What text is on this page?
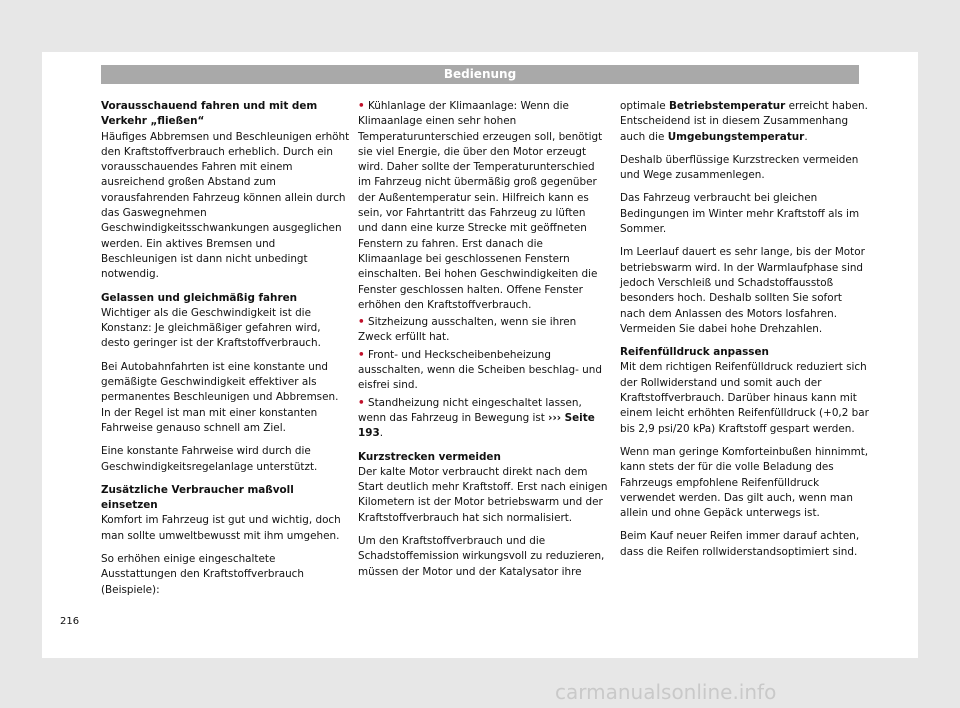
Bedienung

Vorausschauend fahren und mit dem Verkehr „fließen“

Häufiges Abbremsen und Beschleunigen erhöht den Kraftstoffverbrauch erheblich. Durch ein vorausschauendes Fahren mit einem ausreichend großen Abstand zum vorausfahrenden Fahrzeug können allein durch das Gaswegnehmen Geschwindigkeitsschwankungen ausgeglichen werden. Ein aktives Bremsen und Beschleunigen ist dann nicht unbedingt notwendig.

Gelassen und gleichmäßig fahren

Wichtiger als die Geschwindigkeit ist die Konstanz: Je gleichmäßiger gefahren wird, desto geringer ist der Kraftstoffverbrauch.

Bei Autobahnfahrten ist eine konstante und gemäßigte Geschwindigkeit effektiver als permanentes Beschleunigen und Abbremsen. In der Regel ist man mit einer konstanten Fahrweise genauso schnell am Ziel.

Eine konstante Fahrweise wird durch die Geschwindigkeitsregelanlage unterstützt.

Zusätzliche Verbraucher maßvoll einsetzen

Komfort im Fahrzeug ist gut und wichtig, doch man sollte umweltbewusst mit ihm umgehen.

So erhöhen einige eingeschaltete Ausstattungen den Kraftstoffverbrauch (Beispiele):

• Kühlanlage der Klimaanlage: Wenn die Klimaanlage einen sehr hohen Temperaturunterschied erzeugen soll, benötigt sie viel Energie, die über den Motor erzeugt wird. Daher sollte der Temperaturunterschied im Fahrzeug nicht übermäßig groß gegenüber der Außentemperatur sein. Hilfreich kann es sein, vor Fahrtantritt das Fahrzeug zu lüften und dann eine kurze Strecke mit geöffneten Fenstern zu fahren. Erst danach die Klimaanlage bei geschlossenen Fenstern einschalten. Bei hohen Geschwindigkeiten die Fenster geschlossen halten. Offene Fenster erhöhen den Kraftstoffverbrauch.

• Sitzheizung ausschalten, wenn sie ihren Zweck erfüllt hat.

• Front- und Heckscheibenbeheizung ausschalten, wenn die Scheiben beschlag- und eisfrei sind.

• Standheizung nicht eingeschaltet lassen, wenn das Fahrzeug in Bewegung ist ››› Seite 193.

Kurzstrecken vermeiden

Der kalte Motor verbraucht direkt nach dem Start deutlich mehr Kraftstoff. Erst nach einigen Kilometern ist der Motor betriebswarm und der Kraftstoffverbrauch hat sich normalisiert.

Um den Kraftstoffverbrauch und die Schadstoffemission wirkungsvoll zu reduzieren, müssen der Motor und der Katalysator ihre

optimale Betriebstemperatur erreicht haben. Entscheidend ist in diesem Zusammenhang auch die Umgebungstemperatur.

Deshalb überflüssige Kurzstrecken vermeiden und Wege zusammenlegen.

Das Fahrzeug verbraucht bei gleichen Bedingungen im Winter mehr Kraftstoff als im Sommer.

Im Leerlauf dauert es sehr lange, bis der Motor betriebswarm wird. In der Warmlaufphase sind jedoch Verschleiß und Schadstoffausstoß besonders hoch. Deshalb sollten Sie sofort nach dem Anlassen des Motors losfahren. Vermeiden Sie dabei hohe Drehzahlen.

Reifenfülldruck anpassen

Mit dem richtigen Reifenfülldruck reduziert sich der Rollwiderstand und somit auch der Kraftstoffverbrauch. Darüber hinaus kann mit einem leicht erhöhten Reifenfülldruck (+0,2 bar bis 2,9 psi/20 kPa) Kraftstoff gespart werden.

Wenn man geringe Komforteinbußen hinnimmt, kann stets der für die volle Beladung des Fahrzeugs empfohlene Reifenfülldruck verwendet werden. Das gilt auch, wenn man allein und ohne Gepäck unterwegs ist.

Beim Kauf neuer Reifen immer darauf achten, dass die Reifen rollwiderstandsoptimiert sind.

216
carmanualsonline.info
